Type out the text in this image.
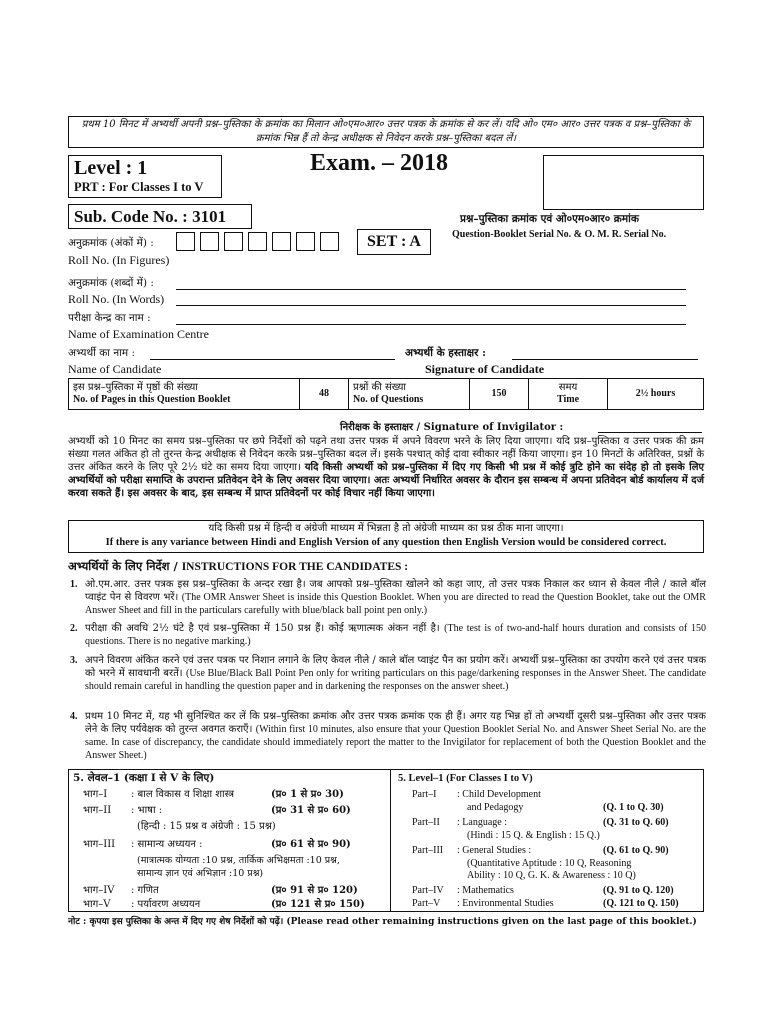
प्रथम 10 मिनट में अभ्यर्थी अपनी प्रश्न–पुस्तिका के क्रमांक का मिलान ओ०एम०आर० उत्तर पत्रक के क्रमांक से कर लें। यदि ओ० एम० आर० उत्तर पत्रक व प्रश्न–पुस्तिका के क्रमांक भिन्न हैं तो केन्द्र अधीक्षक से निवेदन करके प्रश्न–पुस्तिका बदल लें।
Level : 1
PRT : For Classes I to V
Exam. – 2018
Sub. Code No. : 3101	प्रश्न–पुस्तिका क्रमांक एवं ओ०एम०आर० क्रमांक
Question-Booklet Serial No. & O. M. R. Serial No.
अनुक्रमांक (अंकों में) :
Roll No. (In Figures)
SET : A
अनुक्रमांक (शब्दों में) :
Roll No. (In Words)
परीक्षा केन्द्र का नाम :
Name of Examination Centre
अभ्यर्थी का नाम :	अभ्यर्थी के हस्ताक्षर :
Name of Candidate	Signature of Candidate
इस प्रश्न–पुस्तिका में पृष्ठों की संख्या
No. of Pages in this Question Booklet
	48	
प्रश्नों की संख्या
No. of Questions
	150	
समय
Time
	2½ hours
निरीक्षक के हस्ताक्षर / Signature of Invigilator :
अभ्यर्थी को 10 मिनट का समय प्रश्न–पुस्तिका पर छपे निर्देशों को पढ़ने तथा उत्तर पत्रक में अपने विवरण भरने के लिए दिया जाएगा। यदि प्रश्न–पुस्तिका व उत्तर पत्रक की क्रम संख्या गलत अंकित हो तो तुरन्त केन्द्र अधीक्षक से निवेदन करके प्रश्न–पुस्तिका बदल लें। इसके पश्चात् कोई दावा स्वीकार नहीं किया जाएगा। इन 10 मिनटों के अतिरिक्त, प्रश्नों के उत्तर अंकित करने के लिए पूरे 2½ घंटे का समय दिया जाएगा। यदि किसी अभ्यर्थी को प्रश्न–पुस्तिका में दिए गए किसी भी प्रश्न में कोई त्रुटि होने का संदेह हो तो इसके लिए अभ्यर्थियों को परीक्षा समाप्ति के उपरान्त प्रतिवेदन देने के लिए अवसर दिया जाएगा। अतः अभ्यर्थी निर्धारित अवसर के दौरान इस सम्बन्ध में अपना प्रतिवेदन बोर्ड कार्यालय में दर्ज करवा सकते हैं। इस अवसर के बाद, इस सम्बन्ध में प्राप्त प्रतिवेदनों पर कोई विचार नहीं किया जाएगा।
यदि किसी प्रश्न में हिन्दी व अंग्रेजी माध्यम में भिन्नता है तो अंग्रेजी माध्यम का प्रश्न ठीक माना जाएगा।
If there is any variance between Hindi and English Version of any question then English Version would be considered correct.
अभ्यर्थियों के लिए निर्देश / INSTRUCTIONS FOR THE CANDIDATES :
1. ओ.एम.आर. उत्तर पत्रक इस प्रश्न–पुस्तिका के अन्दर रखा है। जब आपको प्रश्न–पुस्तिका खोलने को कहा जाए, तो उत्तर पत्रक निकाल कर ध्यान से केवल नीले / काले बॉल प्वाइंट पेन से विवरण भरें। (The OMR Answer Sheet is inside this Question Booklet. When you are directed to read the Question Booklet, take out the OMR Answer Sheet and fill in the particulars carefully with blue/black ball point pen only.)
2. परीक्षा की अवधि 2½ घंटे है एवं प्रश्न–पुस्तिका में 150 प्रश्न हैं। कोई ऋणात्मक अंकन नहीं है। (The test is of two-and-half hours duration and consists of 150 questions. There is no negative marking.)
3. अपने विवरण अंकित करने एवं उत्तर पत्रक पर निशान लगाने के लिए केवल नीले / काले बॉल प्वाइंट पैन का प्रयोग करें। अभ्यर्थी प्रश्न–पुस्तिका का उपयोग करने एवं उत्तर पत्रक को भरने में सावधानी बरतें। (Use Blue/Black Ball Point Pen only for writing particulars on this page/darkening responses in the Answer Sheet. The candidate should remain careful in handling the question paper and in darkening the responses on the answer sheet.)
4. प्रथम 10 मिनट में, यह भी सुनिश्चित कर लें कि प्रश्न–पुस्तिका क्रमांक और उत्तर पत्रक क्रमांक एक ही हैं। अगर यह भिन्न हों तो अभ्यर्थी दूसरी प्रश्न–पुस्तिका और उत्तर पत्रक लेने के लिए पर्यवेक्षक को तुरन्त अवगत कराएँ। (Within first 10 minutes, also ensure that your Question Booklet Serial No. and Answer Sheet Serial No. are the same. In case of discrepancy, the candidate should immediately report the matter to the Invigilator for replacement of both the Question Booklet and the Answer Sheet.)
5. लेवल–1 (कक्षा I से V के लिए)	5. Level–1 (For Classes I to V)
भाग–I : बाल विकास व शिक्षा शास्त्र	(प्र० 1 से प्र० 30)
भाग–II : भाषा :	(प्र० 31 से प्र० 60)
(हिन्दी : 15 प्रश्न व अंग्रेजी : 15 प्रश्न)
भाग–III : सामान्य अध्ययन :	(प्र० 61 से प्र० 90)
(मात्रात्मक योग्यता :10 प्रश्न, तार्किक अभिक्षमता :10 प्रश्न,
सामान्य ज्ञान एवं अभिज्ञान :10 प्रश्न)
भाग–IV : गणित	(प्र० 91 से प्र० 120)
भाग–V : पर्यावरण अध्ययन	(प्र० 121 से प्र० 150)
Part–I : Child Development
and Pedagogy	(Q. 1 to Q. 30)
Part–II : Language :	(Q. 31 to Q. 60)
(Hindi : 15 Q. & English : 15 Q.)
Part–III : General Studies :	(Q. 61 to Q. 90)
(Quantitative Aptitude : 10 Q, Reasoning
Ability : 10 Q, G. K. & Awareness : 10 Q)
Part–IV : Mathematics	(Q. 91 to Q. 120)
Part–V : Environmental Studies	(Q. 121 to Q. 150)
नोट : कृपया इस पुस्तिका के अन्त में दिए गए शेष निर्देशों को पढ़ें। (Please read other remaining instructions given on the last page of this booklet.)
